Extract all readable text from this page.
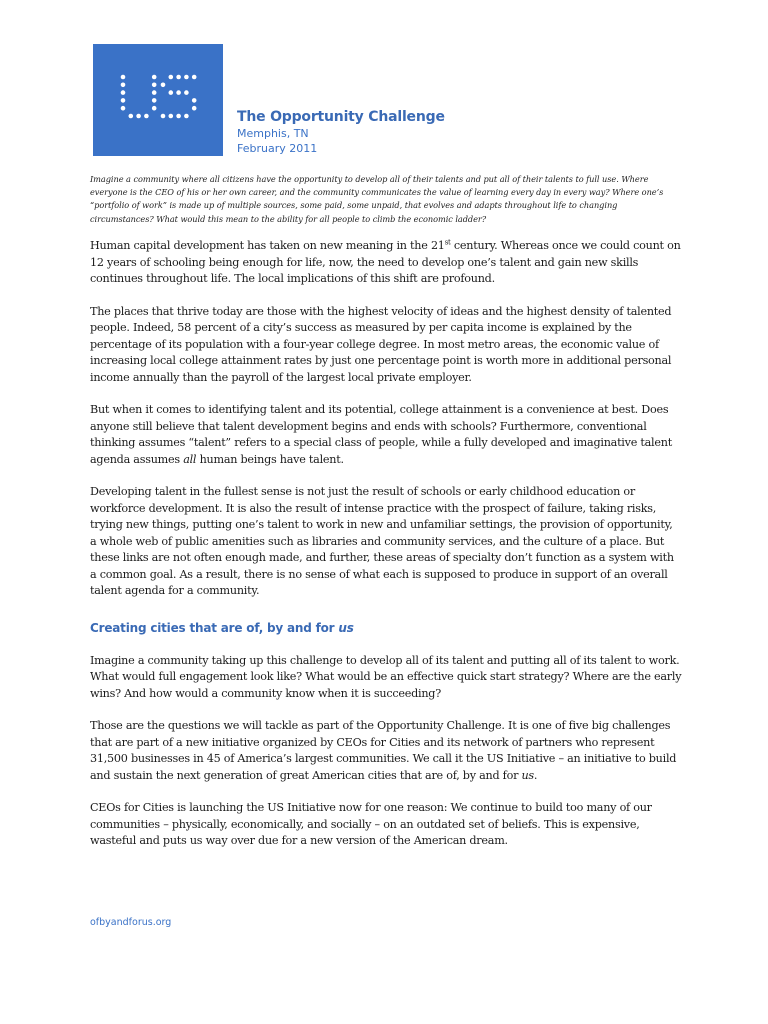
US

The Opportunity Challenge

Memphis, TN

February 2011

Imagine a community where all citizens have the opportunity to develop all of their talents and put all of their talents to full use. Where everyone is the CEO of his or her own career, and the community communicates the value of learning every day in every way? Where one’s “portfolio of work” is made up of multiple sources, some paid, some unpaid, that evolves and adapts throughout life to changing circumstances? What would this mean to the ability for all people to climb the economic ladder?

Human capital development has taken on new meaning in the 21st century. Whereas once we could count on 12 years of schooling being enough for life, now, the need to develop one’s talent and gain new skills continues throughout life. The local implications of this shift are profound.

The places that thrive today are those with the highest velocity of ideas and the highest density of talented people. Indeed, 58 percent of a city’s success as measured by per capita income is explained by the percentage of its population with a four-year college degree. In most metro areas, the economic value of increasing local college attainment rates by just one percentage point is worth more in additional personal income annually than the payroll of the largest local private employer.

But when it comes to identifying talent and its potential, college attainment is a convenience at best. Does anyone still believe that talent development begins and ends with schools? Furthermore, conventional thinking assumes “talent” refers to a special class of people, while a fully developed and imaginative talent agenda assumes all human beings have talent.

Developing talent in the fullest sense is not just the result of schools or early childhood education or workforce development. It is also the result of intense practice with the prospect of failure, taking risks, trying new things, putting one’s talent to work in new and unfamiliar settings, the provision of opportunity, a whole web of public amenities such as libraries and community services, and the culture of a place. But these links are not often enough made, and further, these areas of specialty don’t function as a system with a common goal. As a result, there is no sense of what each is supposed to produce in support of an overall talent agenda for a community.

Creating cities that are of, by and for us

Imagine a community taking up this challenge to develop all of its talent and putting all of its talent to work. What would full engagement look like? What would be an effective quick start strategy? Where are the early wins? And how would a community know when it is succeeding?

Those are the questions we will tackle as part of the Opportunity Challenge. It is one of five big challenges that are part of a new initiative organized by CEOs for Cities and its network of partners who represent 31,500 businesses in 45 of America’s largest communities. We call it the US Initiative – an initiative to build and sustain the next generation of great American cities that are of, by and for us.

CEOs for Cities is launching the US Initiative now for one reason: We continue to build too many of our communities – physically, economically, and socially – on an outdated set of beliefs. This is expensive, wasteful and puts us way over due for a new version of the American dream.

ofbyandforus.org
